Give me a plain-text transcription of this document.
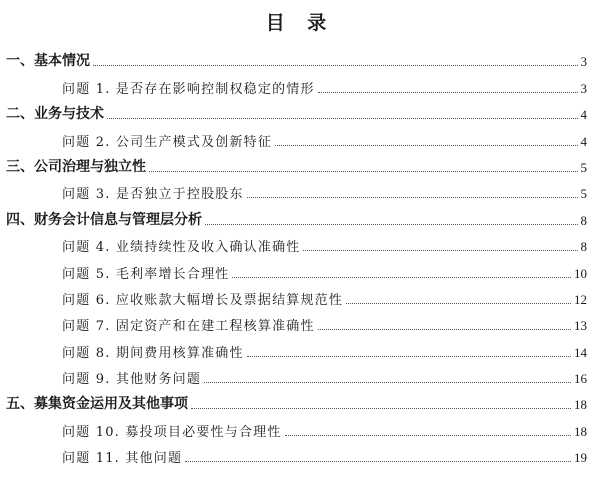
目 录
一、基本情况	3
问题 1. 是否存在影响控制权稳定的情形	3
二、业务与技术	4
问题 2. 公司生产模式及创新特征	4
三、公司治理与独立性	5
问题 3. 是否独立于控股股东	5
四、财务会计信息与管理层分析	8
问题 4. 业绩持续性及收入确认准确性	8
问题 5. 毛利率增长合理性	10
问题 6. 应收账款大幅增长及票据结算规范性	12
问题 7. 固定资产和在建工程核算准确性	13
问题 8. 期间费用核算准确性	14
问题 9. 其他财务问题	16
五、募集资金运用及其他事项	18
问题 10. 募投项目必要性与合理性	18
问题 11. 其他问题	19
